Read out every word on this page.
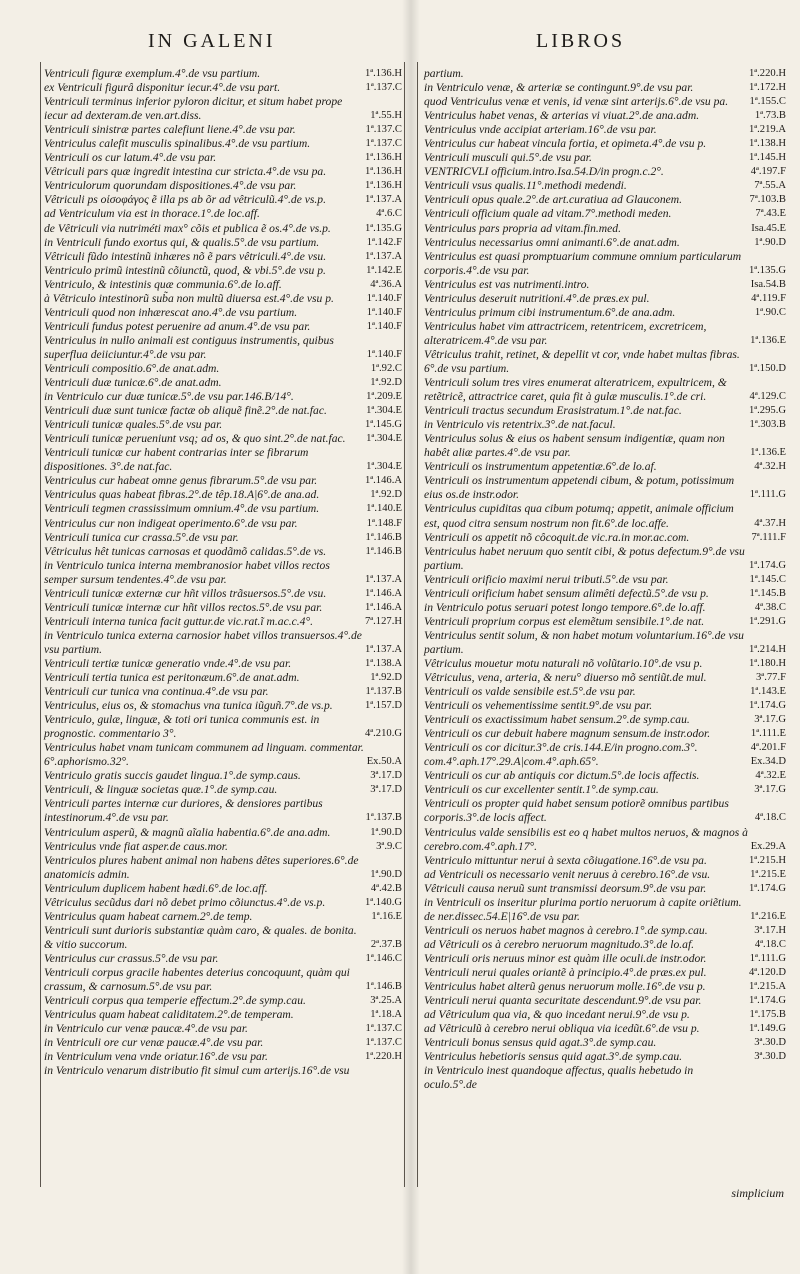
IN GALENI	LIBROS
Ventriculi figuræ exemplum.4°.de vsu partium.	1ª.136.H
ex Ventriculi figurâ disponitur iecur.4°.de vsu part.	1ª.137.C
Ventriculi terminus inferior pyloron dicitur, et situm habet prope iecur ad dexteram.de ven.art.diss.	1ª.55.H
Ventriculi sinistræ partes calefiunt liene.4°.de vsu par.	1ª.137.C
Ventriculus calefit musculis spinalibus.4°.de vsu partium.	1ª.137.C
Ventriculi os cur latum.4°.de vsu par.	1ª.136.H
Vêtriculi pars quæ ingredit intestina cur stricta.4°.de vsu pa.	1ª.136.H
Ventriculorum quorundam dispositiones.4°.de vsu par.	1ª.136.H
Vêtriculi ps οἰσοφάγος ẽ illa ps ab õr ad vêtriculũ.4°.de vs.p.	1ª.137.A
ad Ventriculum via est in thorace.1°.de loc.aff.	4ª.6.C
de Vêtriculi via nutriméti max° cõis et publica ẽ os.4°.de vs.p.	1ª.135.G
in Ventriculi fundo exortus qui, & qualis.5°.de vsu partium.	1ª.142.F
Vêtriculi fũdo intestinũ inhæres nõ ẽ pars vêtriculi.4°.de vsu.	1ª.137.A
Ventriculo primũ intestinũ cõiunctũ, quod, & vbi.5°.de vsu p.	1ª.142.E
Ventriculo, & intestinis quæ communia.6°.de lo.aff.	4ª.36.A
à Vêtriculo intestinorũ sub̃a non multũ diuersa est.4°.de vsu p.	1ª.140.F
Ventriculi quod non inhærescat ano.4°.de vsu partium.	1ª.140.F
Ventriculi fundus potest peruenire ad anum.4°.de vsu par.	1ª.140.F
Ventriculus in nullo animali est contiguus instrumentis, quibus superflua deiiciuntur.4°.de vsu par.	1ª.140.F
Ventriculi compositio.6°.de anat.adm.	1ª.92.C
Ventriculi duæ tunicæ.6°.de anat.adm.	1ª.92.D
in Ventriculo cur duæ tunicæ.5°.de vsu par.146.B/14°.	1ª.209.E
Ventriculi duæ sunt tunicæ factæ ob aliquẽ finẽ.2°.de nat.fac.	1ª.304.E
Ventriculi tunicæ quales.5°.de vsu par.	1ª.145.G
Ventriculi tunicæ perueniunt vsq; ad os, & quo sint.2°.de nat.fac.	1ª.304.E
Ventriculi tunicæ cur habent contrarias inter se fibrarum dispositiones. 3°.de nat.fac.	1ª.304.E
Ventriculus cur habeat omne genus fibrarum.5°.de vsu par.	1ª.146.A
Ventriculus quas habeat fibras.2°.de têp.18.A|6°.de ana.ad.	1ª.92.D
Ventriculi tegmen crassissimum omnium.4°.de vsu partium.	1ª.140.E
Ventriculus cur non indigeat operimento.6°.de vsu par.	1ª.148.F
Ventriculi tunica cur crassa.5°.de vsu par.	1ª.146.B
Vêtriculus hêt tunicas carnosas et quodãmõ calidas.5°.de vs.	1ª.146.B
in Ventriculo tunica interna membranosior habet villos rectos semper sursum tendentes.4°.de vsu par.	1ª.137.A
Ventriculi tunicæ externæ cur hñt villos trãsuersos.5°.de vsu.	1ª.146.A
Ventriculi tunicæ internæ cur hñt villos rectos.5°.de vsu par.	1ª.146.A
Ventriculi interna tunica facit guttur.de vic.rat.ĩ m.ac.c.4°.	7ª.127.H
in Ventriculo tunica externa carnosior habet villos transuersos.4°.de vsu partium.	1ª.137.A
Ventriculi tertiæ tunicæ generatio vnde.4°.de vsu par.	1ª.138.A
Ventriculi tertia tunica est peritonæum.6°.de anat.adm.	1ª.92.D
Ventriculi cur tunica vna continua.4°.de vsu par.	1ª.137.B
Ventriculus, eius os, & stomachus vna tunica iũguñ.7°.de vs.p.	1ª.157.D
Ventriculo, gulæ, linguæ, & toti ori tunica communis est. in prognostic. commentario 3°.	4ª.210.G
Ventriculus habet vnam tunicam communem ad linguam. commentar. 6°.aphorismo.32°.	Ex.50.A
Ventriculo gratis succis gaudet lingua.1°.de symp.caus.	3ª.17.D
Ventriculi, & linguæ societas quæ.1°.de symp.cau.	3ª.17.D
Ventriculi partes internæ cur duriores, & densiores partibus intestinorum.4°.de vsu par.	1ª.137.B
Ventriculum asperũ, & magnũ aĩalia habentia.6°.de ana.adm.	1ª.90.D
Ventriculus vnde fiat asper.de caus.mor.	3ª.9.C
Ventriculos plures habent animal non habens dêtes superiores.6°.de anatomicis admin.	1ª.90.D
Ventriculum duplicem habent hædi.6°.de loc.aff.	4ª.42.B
Vêtriculus secũdus dari nõ debet primo cõiunctus.4°.de vs.p.	1ª.140.G
Ventriculus quam habeat carnem.2°.de temp.	1ª.16.E
Ventriculi sunt durioris substantiæ quàm caro, & quales. de bonita. & vitio succorum.	2ª.37.B
Ventriculus cur crassus.5°.de vsu par.	1ª.146.C
Ventriculi corpus gracile habentes deterius concoquunt, quàm qui crassum, & carnosum.5°.de vsu par.	1ª.146.B
Ventriculi corpus qua temperie effectum.2°.de symp.cau.	3ª.25.A
Ventriculus quam habeat caliditatem.2°.de temperam.	1ª.18.A
in Ventriculo cur venæ paucæ.4°.de vsu par.	1ª.137.C
in Ventriculi ore cur venæ paucæ.4°.de vsu par.	1ª.137.C
in Ventriculum vena vnde oriatur.16°.de vsu par.	1ª.220.H
in Ventriculo venarum distributio fit simul cum arterijs.16°.de vsu
partium.	1ª.220.H
in Ventriculo venæ, & arteriæ se contingunt.9°.de vsu par.	1ª.172.H
quod Ventriculus venæ et venis, id venæ sint arterijs.6°.de vsu pa.	1ª.155.C
Ventriculus habet venas, & arterias vi viuat.2°.de ana.adm.	1ª.73.B
Ventriculus vnde accipiat arteriam.16°.de vsu par.	1ª.219.A
Ventriculus cur habeat vincula fortia, et opimeta.4°.de vsu p.	1ª.138.H
Ventriculi musculi qui.5°.de vsu par.	1ª.145.H
VENTRICVLI officium.intro.Isa.54.D/in progn.c.2°.	4ª.197.F
Ventriculi vsus qualis.11°.methodi medendi.	7ª.55.A
Ventriculi opus quale.2°.de art.curatiua ad Glauconem.	7ª.103.B
Ventriculi officium quale ad vitam.7°.methodi meden.	7ª.43.E
Ventriculus pars propria ad vitam.fin.med.	Isa.45.E
Ventriculus necessarius omni animanti.6°.de anat.adm.	1ª.90.D
Ventriculus est quasi promptuarium commune omnium particularum corporis.4°.de vsu par.	1ª.135.G
Ventriculus est vas nutrimenti.intro.	Isa.54.B
Ventriculus deseruit nutritioni.4°.de præs.ex pul.	4ª.119.F
Ventriculus primum cibi instrumentum.6°.de ana.adm.	1ª.90.C
Ventriculus habet vim attractricem, retentricem, excretricem, alteratricem.4°.de vsu par.	1ª.136.E
Vêtriculus trahit, retinet, & depellit vt cor, vnde habet multas fibras. 6°.de vsu partium.	1ª.150.D
Ventriculi solum tres vires enumerat alteratricem, expultricem, & retẽtricẽ, attractrice caret, quia fit à gulæ musculis.1°.de cri.	4ª.129.C
Ventriculi tractus secundum Erasistratum.1°.de nat.fac.	1ª.295.G
in Ventriculo vis retentrix.3°.de nat.facul.	1ª.303.B
Ventriculus solus & eius os habent sensum indigentiæ, quam non habêt aliæ partes.4°.de vsu par.	1ª.136.E
Ventriculi os instrumentum appetentiæ.6°.de lo.af.	4ª.32.H
Ventriculi os instrumentum appetendi cibum, & potum, potissimum eius os.de instr.odor.	1ª.111.G
Ventriculus cupiditas qua cibum potumq; appetit, animale officium est, quod citra sensum nostrum non fit.6°.de loc.affe.	4ª.37.H
Ventriculi os appetit nõ côcoquit.de vic.ra.in mor.ac.com.	7ª.111.F
Ventriculus habet neruum quo sentit cibi, & potus defectum.9°.de vsu partium.	1ª.174.G
Ventriculi orificio maximi nerui tributi.5°.de vsu par.	1ª.145.C
Ventriculi orificium habet sensum alimêti defectũ.5°.de vsu p.	1ª.145.B
in Ventriculo potus seruari potest longo tempore.6°.de lo.aff.	4ª.38.C
Ventriculi proprium corpus est elemẽtum sensibile.1°.de nat.	1ª.291.G
Ventriculus sentit solum, & non habet motum voluntarium.16°.de vsu partium.	1ª.214.H
Vêtriculus mouetur motu naturali nõ volũtario.10°.de vsu p.	1ª.180.H
Vêtriculus, vena, arteria, & neru° diuerso mõ sentiũt.de mul.	3ª.77.F
Ventriculi os valde sensibile est.5°.de vsu par.	1ª.143.E
Ventriculi os vehementissime sentit.9°.de vsu par.	1ª.174.G
Ventriculi os exactissimum habet sensum.2°.de symp.cau.	3ª.17.G
Ventriculi os cur debuit habere magnum sensum.de instr.odor.	1ª.111.E
Ventriculi os cor dicitur.3°.de cris.144.E/in progno.com.3°.	4ª.201.F
com.4°.aph.17°.29.A|com.4°.aph.65°.	Ex.34.D
Ventriculi os cur ab antiquis cor dictum.5°.de locis affectis.	4ª.32.E
Ventriculi os cur excellenter sentit.1°.de symp.cau.	3ª.17.G
Ventriculi os propter quid habet sensum potiorẽ omnibus partibus corporis.3°.de locis affect.	4ª.18.C
Ventriculus valde sensibilis est eo q habet multos neruos, & magnos à cerebro.com.4°.aph.17°.	Ex.29.A
Ventriculo mittuntur nerui à sexta cõiugatione.16°.de vsu pa.	1ª.215.H
ad Ventriculi os necessario venit neruus à cerebro.16°.de vsu.	1ª.215.E
Vêtriculi causa neruũ sunt transmissi deorsum.9°.de vsu par.	1ª.174.G
in Ventriculi os inseritur plurima portio neruorum à capite oriẽtium. de ner.dissec.54.E|16°.de vsu par.	1ª.216.E
Ventriculi os neruos habet magnos à cerebro.1°.de symp.cau.	3ª.17.H
ad Vêtriculi os à cerebro neruorum magnitudo.3°.de lo.af.	4ª.18.C
Ventriculi oris neruus minor est quàm ille oculi.de instr.odor.	1ª.111.G
Ventriculi nerui quales oriantẽ à principio.4°.de præs.ex pul.	4ª.120.D
Ventriculus habet alterũ genus neruorum molle.16°.de vsu p.	1ª.215.A
Ventriculi nerui quanta securitate descendunt.9°.de vsu par.	1ª.174.G
ad Vêtriculum qua via, & quo incedant nerui.9°.de vsu p.	1ª.175.B
ad Vêtriculũ à cerebro nerui obliqua via icedũt.6°.de vsu p.	1ª.149.G
Ventriculi bonus sensus quid agat.3°.de symp.cau.	3ª.30.D
Ventriculus hebetioris sensus quid agat.3°.de symp.cau.	3ª.30.D
in Ventriculo inest quandoque affectus, qualis hebetudo in oculo.5°.de
simplicium
